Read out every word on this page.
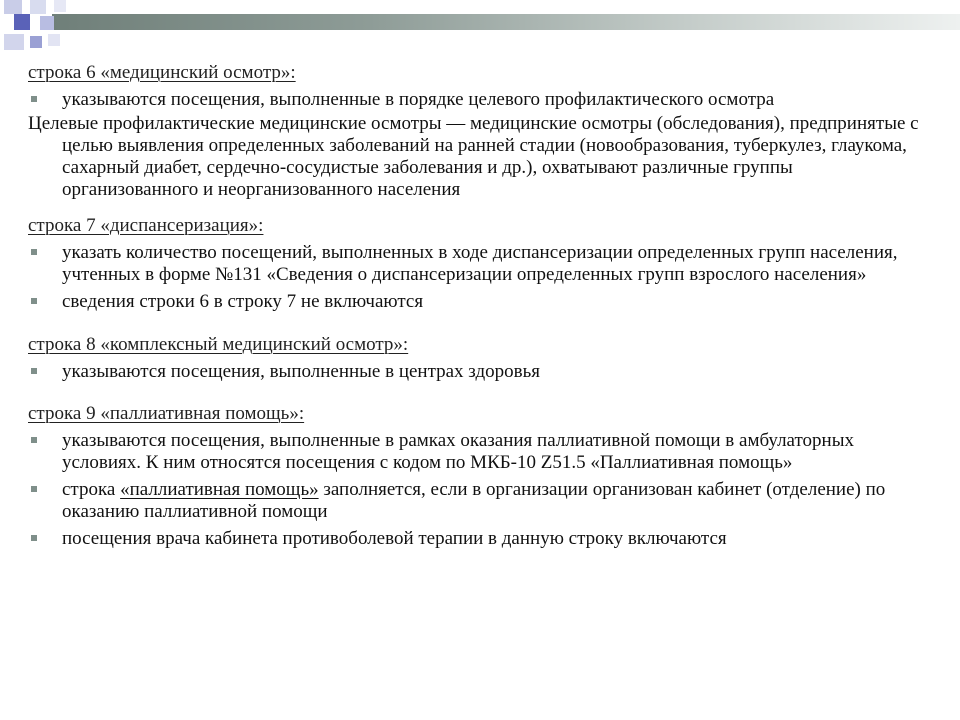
строка 6 «медицинский осмотр»:
указываются посещения, выполненные в порядке целевого профилактического осмотра
Целевые профилактические медицинские осмотры — медицинские осмотры (обследования), предпринятые с целью выявления определенных заболеваний на ранней стадии (новообразования, туберкулез, глаукома, сахарный диабет, сердечно-сосудистые заболевания и др.), охватывают различные группы организованного и неорганизованного населения
строка 7 «диспансеризация»:
указать количество посещений, выполненных в ходе диспансеризации определенных групп населения, учтенных в форме №131 «Сведения о диспансеризации определенных групп взрослого населения»
сведения строки 6 в строку 7 не включаются
строка 8 «комплексный медицинский осмотр»:
указываются посещения, выполненные в центрах здоровья
строка 9 «паллиативная помощь»:
указываются посещения, выполненные в рамках оказания паллиативной помощи в амбулаторных условиях. К ним относятся посещения с кодом по МКБ-10 Z51.5 «Паллиативная помощь»
строка «паллиативная помощь» заполняется, если в организации организован кабинет (отделение) по оказанию паллиативной помощи
посещения врача кабинета противоболевой терапии в данную строку включаются
